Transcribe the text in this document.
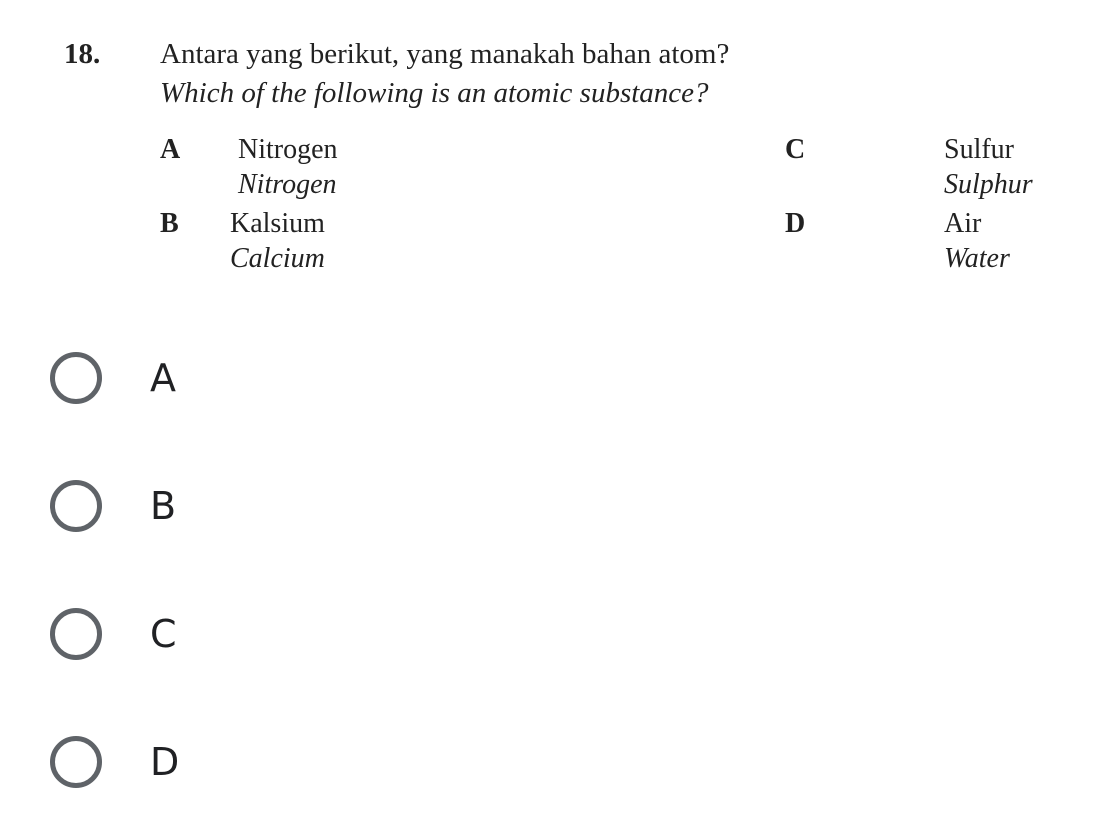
18. Antara yang berikut, yang manakah bahan atom?
Which of the following is an atomic substance?
A Nitrogen
Nitrogen
B Kalsium
Calcium
C	Sulfur
Sulphur
D	Air
Water
A
B
C
D
